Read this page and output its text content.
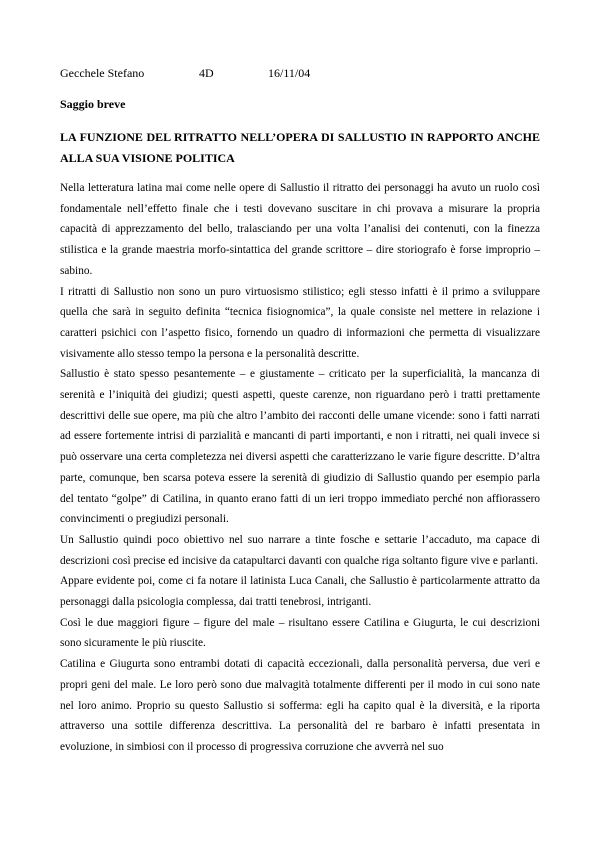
Gecchele Stefano	4D	16/11/04

Saggio breve

LA FUNZIONE DEL RITRATTO NELL’OPERA DI SALLUSTIO IN RAPPORTO ANCHE ALLA SUA VISIONE POLITICA

Nella letteratura latina mai come nelle opere di Sallustio il ritratto dei personaggi ha avuto un ruolo così fondamentale nell’effetto finale che i testi dovevano suscitare in chi provava a misurare la propria capacità di apprezzamento del bello, tralasciando per una volta l’analisi dei contenuti, con la finezza stilistica e la grande maestria morfo-sintattica del grande scrittore – dire storiografo è forse improprio – sabino.

I ritratti di Sallustio non sono un puro virtuosismo stilistico; egli stesso infatti è il primo a sviluppare quella che sarà in seguito definita “tecnica fisiognomica”, la quale consiste nel mettere in relazione i caratteri psichici con l’aspetto fisico, fornendo un quadro di informazioni che permetta di visualizzare visivamente allo stesso tempo la persona e la personalità descritte.

Sallustio è stato spesso pesantemente – e giustamente – criticato per la superficialità, la mancanza di serenità e l’iniquità dei giudizi; questi aspetti, queste carenze, non riguardano però i tratti prettamente descrittivi delle sue opere, ma più che altro l’ambito dei racconti delle umane vicende: sono i fatti narrati ad essere fortemente intrisi di parzialità e mancanti di parti importanti, e non i ritratti, nei quali invece si può osservare una certa completezza nei diversi aspetti che caratterizzano le varie figure descritte. D’altra parte, comunque, ben scarsa poteva essere la serenità di giudizio di Sallustio quando per esempio parla del tentato “golpe” di Catilina, in quanto erano fatti di un ieri troppo immediato perché non affiorassero convincimenti o pregiudizi personali.

Un Sallustio quindi poco obiettivo nel suo narrare a tinte fosche e settarie l’accaduto, ma capace di descrizioni così precise ed incisive da catapultarci davanti con qualche riga soltanto figure vive e parlanti.

Appare evidente poi, come ci fa notare il latinista Luca Canali, che Sallustio è particolarmente attratto da personaggi dalla psicologia complessa, dai tratti tenebrosi, intriganti.

Così le due maggiori figure – figure del male – risultano essere Catilina e Giugurta, le cui descrizioni sono sicuramente le più riuscite.

Catilina e Giugurta sono entrambi dotati di capacità eccezionali, dalla personalità perversa, due veri e propri geni del male. Le loro però sono due malvagità totalmente differenti per il modo in cui sono nate nel loro animo. Proprio su questo Sallustio si sofferma: egli ha capito qual è la diversità, e la riporta attraverso una sottile differenza descrittiva. La personalità del re barbaro è infatti presentata in evoluzione, in simbiosi con il processo di progressiva corruzione che avverrà nel suo
